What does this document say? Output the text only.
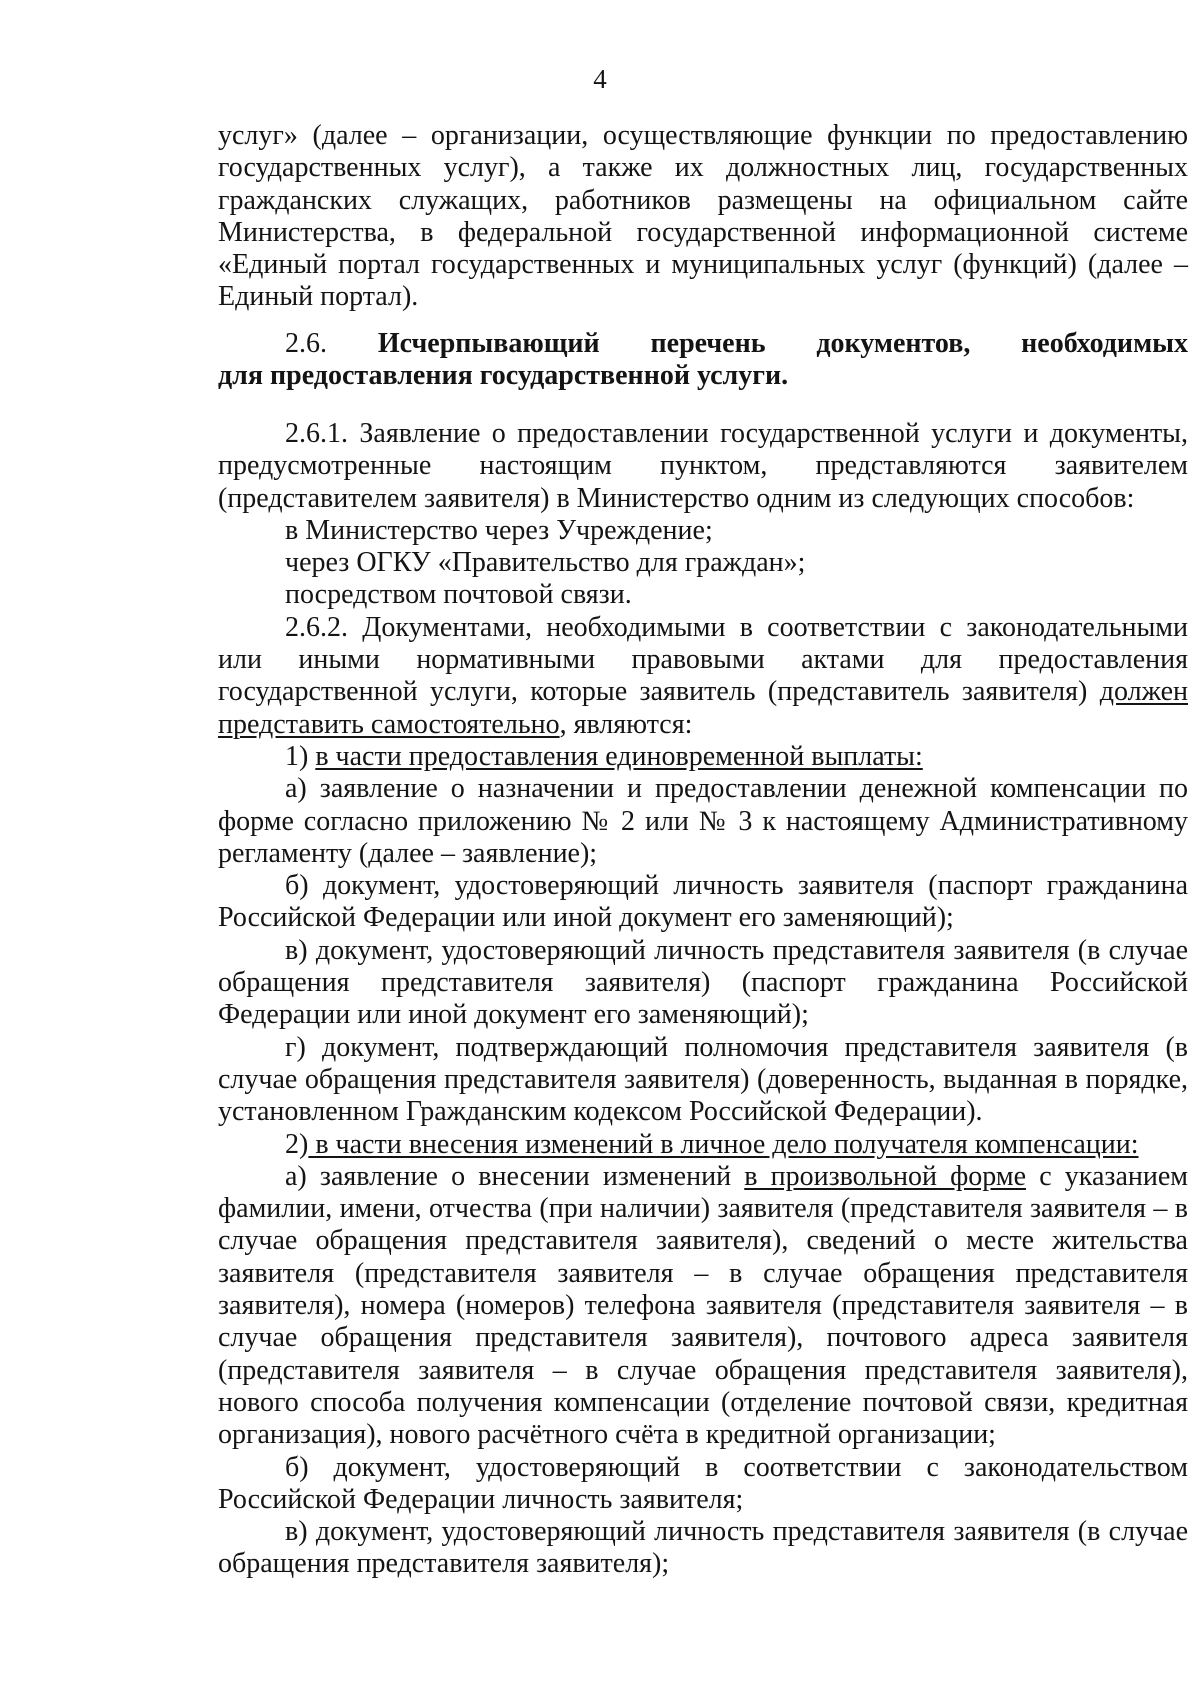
4

услуг» (далее – организации, осуществляющие функции по предоставлению

государственных услуг), а также их должностных лиц, государственных

гражданских служащих, работников размещены на официальном сайте

Министерства, в федеральной государственной информационной системе

«Единый портал государственных и муниципальных услуг (функций) (далее –

Единый портал).

2.6. Исчерпывающий перечень документов, необходимых

для предоставления государственной услуги.

2.6.1. Заявление о предоставлении государственной услуги и документы, предусмотренные настоящим пунктом, представляются заявителем (представителем заявителя) в Министерство одним из следующих способов:

в Министерство через Учреждение;

через ОГКУ «Правительство для граждан»;

посредством почтовой связи.

2.6.2. Документами, необходимыми в соответствии с законодательными или иными нормативными правовыми актами для предоставления государственной услуги, которые заявитель (представитель заявителя) должен представить самостоятельно, являются:

1) в части предоставления единовременной выплаты:

а) заявление о назначении и предоставлении денежной компенсации по форме согласно приложению № 2 или № 3 к настоящему Административному регламенту (далее – заявление);

б) документ, удостоверяющий личность заявителя (паспорт гражданина Российской Федерации или иной документ его заменяющий);

в) документ, удостоверяющий личность представителя заявителя (в случае обращения представителя заявителя) (паспорт гражданина Российской Федерации или иной документ его заменяющий);

г) документ, подтверждающий полномочия представителя заявителя (в случае обращения представителя заявителя) (доверенность, выданная в порядке, установленном Гражданским кодексом Российской Федерации).

2) в части внесения изменений в личное дело получателя компенсации:

а) заявление о внесении изменений в произвольной форме с указанием фамилии, имени, отчества (при наличии) заявителя (представителя заявителя – в случае обращения представителя заявителя), сведений о месте жительства заявителя (представителя заявителя – в случае обращения представителя заявителя), номера (номеров) телефона заявителя (представителя заявителя – в случае обращения представителя заявителя), почтового адреса заявителя (представителя заявителя – в случае обращения представителя заявителя), нового способа получения компенсации (отделение почтовой связи, кредитная организация), нового расчётного счёта в кредитной организации;

б) документ, удостоверяющий в соответствии с законодательством Российской Федерации личность заявителя;

в) документ, удостоверяющий личность представителя заявителя (в случае обращения представителя заявителя);
